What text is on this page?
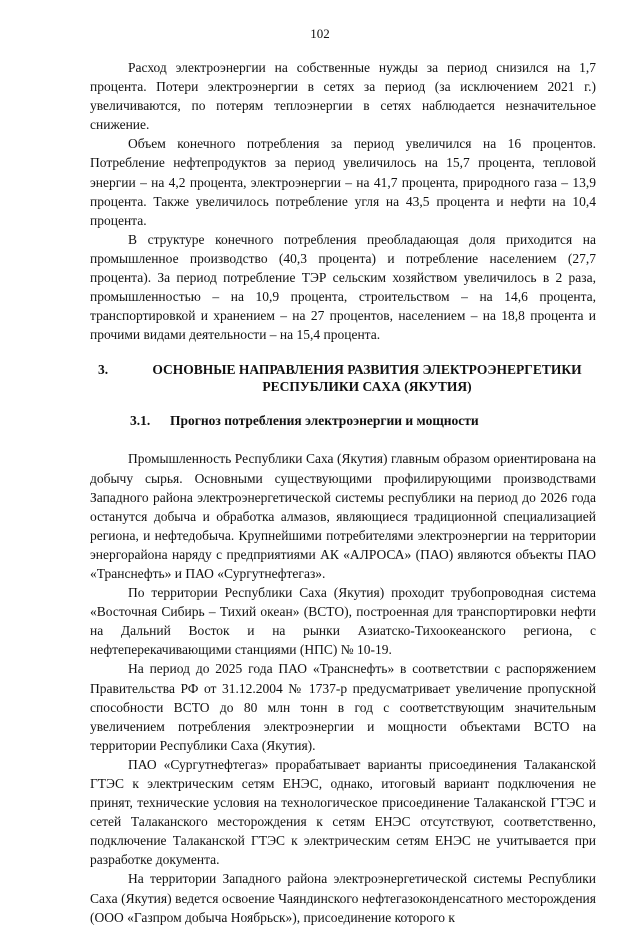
102

Расход электроэнергии на собственные нужды за период снизился на 1,7 процента. Потери электроэнергии в сетях за период (за исключением 2021 г.) увеличиваются, по потерям теплоэнергии в сетях наблюдается незначительное снижение.

Объем конечного потребления за период увеличился на 16 процентов. Потребление нефтепродуктов за период увеличилось на 15,7 процента, тепловой энергии – на 4,2 процента, электроэнергии – на 41,7 процента, природного газа – 13,9 процента. Также увеличилось потребление угля на 43,5 процента и нефти на 10,4 процента.

В структуре конечного потребления преобладающая доля приходится на промышленное производство (40,3 процента) и потребление населением (27,7 процента). За период потребление ТЭР сельским хозяйством увеличилось в 2 раза, промышленностью – на 10,9 процента, строительством – на 14,6 процента, транспортировкой и хранением – на 27 процентов, населением – на 18,8 процента и прочими видами деятельности – на 15,4 процента.

3.	ОСНОВНЫЕ НАПРАВЛЕНИЯ РАЗВИТИЯ ЭЛЕКТРОЭНЕРГЕТИКИ РЕСПУБЛИКИ САХА (ЯКУТИЯ)
3.1.	Прогноз потребления электроэнергии и мощности

Промышленность Республики Саха (Якутия) главным образом ориентирована на добычу сырья. Основными существующими профилирующими производствами Западного района электроэнергетической системы республики на период до 2026 года останутся добыча и обработка алмазов, являющиеся традиционной специализацией региона, и нефтедобыча. Крупнейшими потребителями электроэнергии на территории энергорайона наряду с предприятиями АК «АЛРОСА» (ПАО) являются объекты ПАО «Транснефть» и ПАО «Сургутнефтегаз».

По территории Республики Саха (Якутия) проходит трубопроводная система «Восточная Сибирь – Тихий океан» (ВСТО), построенная для транспортировки нефти на Дальний Восток и на рынки Азиатско-Тихоокеанского региона, с нефтеперекачивающими станциями (НПС) № 10-19.

На период до 2025 года ПАО «Транснефть» в соответствии с распоряжением Правительства РФ от 31.12.2004 № 1737-р предусматривает увеличение пропускной способности ВСТО до 80 млн тонн в год с соответствующим значительным увеличением потребления электроэнергии и мощности объектами ВСТО на территории Республики Саха (Якутия).

ПАО «Сургутнефтегаз» прорабатывает варианты присоединения Талаканской ГТЭС к электрическим сетям ЕНЭС, однако, итоговый вариант подключения не принят, технические условия на технологическое присоединение Талаканской ГТЭС и сетей Талаканского месторождения к сетям ЕНЭС отсутствуют, соответственно, подключение Талаканской ГТЭС к электрическим сетям ЕНЭС не учитывается при разработке документа.

На территории Западного района электроэнергетической системы Республики Саха (Якутия) ведется освоение Чаяндинского нефтегазоконденсатного месторождения (ООО «Газпром добыча Ноябрьск»), присоединение которого к
